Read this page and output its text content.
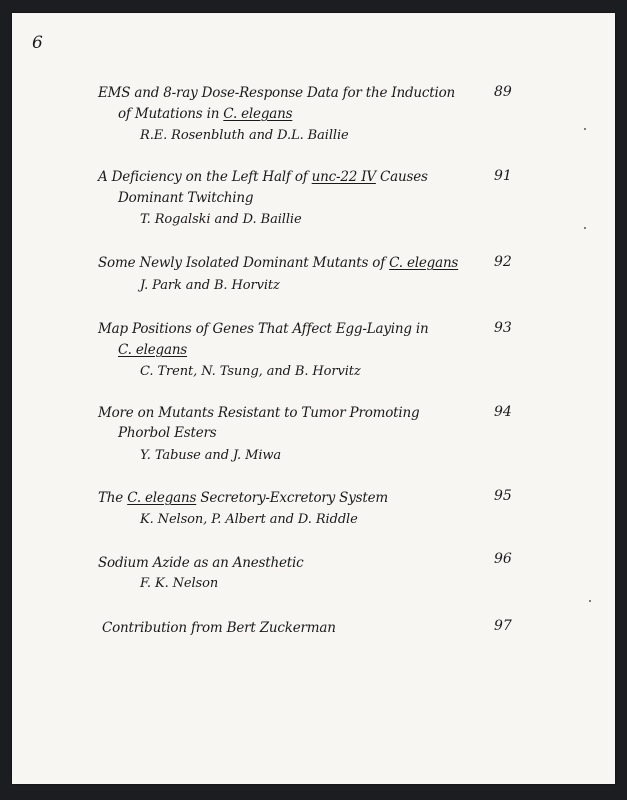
6
EMS and 8-ray Dose-Response Data for the Induction
of Mutations in C. elegans
R.E. Rosenbluth and D.L. Baillie
89
A Deficiency on the Left Half of unc-22 IV Causes
Dominant Twitching
T. Rogalski and D. Baillie
91
Some Newly Isolated Dominant Mutants of C. elegans
J. Park and B. Horvitz
92
Map Positions of Genes That Affect Egg-Laying in
C. elegans
C. Trent, N. Tsung, and B. Horvitz
93
More on Mutants Resistant to Tumor Promoting
Phorbol Esters
Y. Tabuse and J. Miwa
94
The C. elegans Secretory-Excretory System
K. Nelson, P. Albert and D. Riddle
95
Sodium Azide as an Anesthetic
F. K. Nelson
96
Contribution from Bert Zuckerman	97
